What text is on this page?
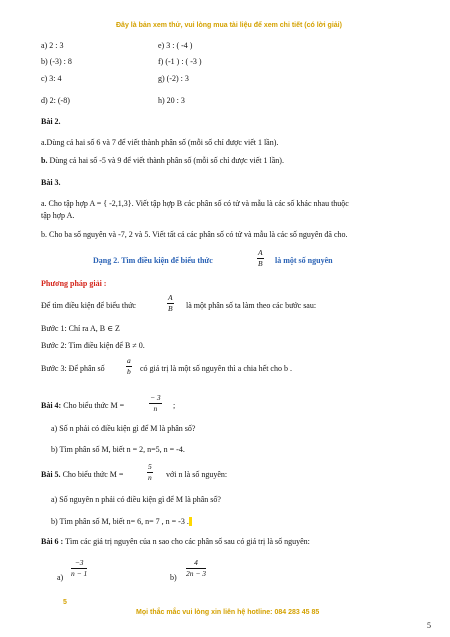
Đây là bản xem thử, vui lòng mua tài liệu để xem chi tiết (có lời giải)
a) 2 : 3	e) 3 : ( -4 )
b) (-3) : 8	f) (-1 ) : ( -3 )
c) 3: 4	g) (-2) : 3
d) 2: (-8)	h) 20 : 3
Bài 2.
a.Dùng cả hai số 6 và 7 để viết thành phân số (mỗi số chỉ được viết 1 lần).
b. Dùng cả hai số -5 và 9 để viết thành phân số (mỗi số chỉ được viết 1 lần).
Bài 3.
a. Cho tập hợp A = { -2,1,3}. Viết tập hợp B các phân số có tử và mẫu là các số khác nhau thuộc
tập hợp A.
b. Cho ba số nguyên và -7, 2 và 5. Viết tất cả các phân số có tử và mẫu là các số nguyên đã cho.
Dạng 2. Tìm điều kiện để biểu thức	$\frac{A}{B}$ là một số nguyên
Phương pháp giải :
Để tìm điều kiện để biểu thức	$\frac{A}{B}$ là một phân số ta làm theo các bước sau:
Bước 1: Chỉ ra A, B ∈ Z
Bước 2: Tìm điều kiện để B ≠ 0.
Bước 3: Để phân số	$\frac{a}{b}$ có giá trị là một số nguyên thì a chia hết cho b .
Bài 4: Cho biểu thức M =	$\frac{- 3}{n}$ ;
a) Số n phải có điều kiện gì để M là phân số?
b) Tìm phân số M, biết n = 2, n=5, n = -4.
Bài 5. Cho biểu thức M =	$\frac{5}{n}$ với n là số nguyên:
a) Số nguyên n phải có điều kiện gì để M là phân số?
b) Tìm phân số M, biết n= 6, n= 7 , n = -3 .
Bài 6 : Tìm các giá trị nguyên của n sao cho các phân số sau có giá trị là số nguyên:
a)
$\frac{-3}{n - 1}$
b)
$\frac{4}{2n - 3}$
5
Mọi thắc mắc vui lòng xin liên hệ hotline: 084 283 45 85
5
